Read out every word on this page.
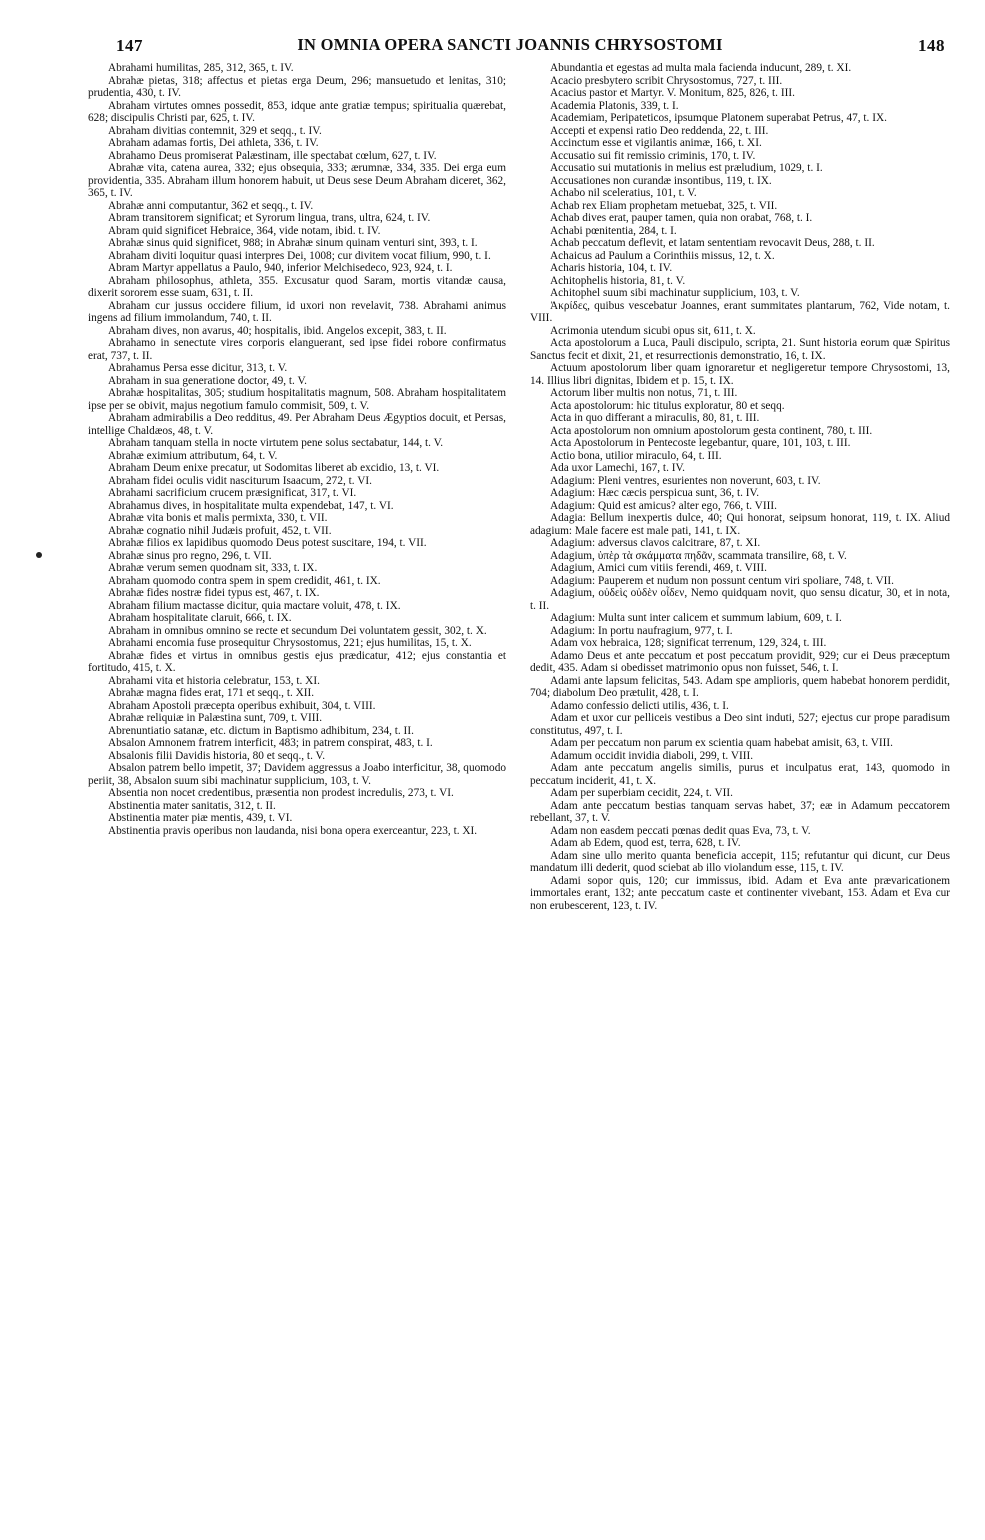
147	IN OMNIA OPERA SANCTI JOANNIS CHRYSOSTOMI	148

Abrahami humilitas, 285, 312, 365, t. IV.

Abrahæ pietas, 318; affectus et pietas erga Deum, 296; mansuetudo et lenitas, 310; prudentia, 430, t. IV.

Abraham virtutes omnes possedit, 853, idque ante gratiæ tempus; spiritualia quærebat, 628; discipulis Christi par, 625, t. IV.

Abraham divitias contemnit, 329 et seqq., t. IV.

Abraham adamas fortis, Dei athleta, 336, t. IV.

Abrahamo Deus promiserat Palæstinam, ille spectabat cœlum, 627, t. IV.

Abrahæ vita, catena aurea, 332; ejus obsequia, 333; ærumnæ, 334, 335. Dei erga eum providentia, 335. Abraham illum honorem habuit, ut Deus sese Deum Abraham diceret, 362, 365, t. IV.

Abrahæ anni computantur, 362 et seqq., t. IV.

Abram transitorem significat; et Syrorum lingua, trans, ultra, 624, t. IV.

Abram quid significet Hebraice, 364, vide notam, ibid. t. IV.

Abrahæ sinus quid significet, 988; in Abrahæ sinum quinam venturi sint, 393, t. I.

Abraham diviti loquitur quasi interpres Dei, 1008; cur divitem vocat filium, 990, t. I.

Abram Martyr appellatus a Paulo, 940, inferior Melchisedeco, 923, 924, t. I.

Abraham philosophus, athleta, 355. Excusatur quod Saram, mortis vitandæ causa, dixerit sororem esse suam, 631, t. II.

Abraham cur jussus occidere filium, id uxori non revelavit, 738. Abrahami animus ingens ad filium immolandum, 740, t. II.

Abraham dives, non avarus, 40; hospitalis, ibid. Angelos excepit, 383, t. II.

Abrahamo in senectute vires corporis elanguerant, sed ipse fidei robore confirmatus erat, 737, t. II.

Abrahamus Persa esse dicitur, 313, t. V.

Abraham in sua generatione doctor, 49, t. V.

Abrahæ hospitalitas, 305; studium hospitalitatis magnum, 508. Abraham hospitalitatem ipse per se obivit, majus negotium famulo commisit, 509, t. V.

Abraham admirabilis a Deo redditus, 49. Per Abraham Deus Ægyptios docuit, et Persas, intellige Chaldæos, 48, t. V.

Abraham tanquam stella in nocte virtutem pene solus sectabatur, 144, t. V.

Abrahæ eximium attributum, 64, t. V.

Abraham Deum enixe precatur, ut Sodomitas liberet ab excidio, 13, t. VI.

Abraham fidei oculis vidit nasciturum Isaacum, 272, t. VI.

Abrahami sacrificium crucem præsignificat, 317, t. VI.

Abrahamus dives, in hospitalitate multa expendebat, 147, t. VI.

Abrahæ vita bonis et malis permixta, 330, t. VII.

Abrahæ cognatio nihil Judæis profuit, 452, t. VII.

Abrahæ filios ex lapidibus quomodo Deus potest suscitare, 194, t. VII.

Abrahæ sinus pro regno, 296, t. VII.

Abrahæ verum semen quodnam sit, 333, t. IX.

Abraham quomodo contra spem in spem credidit, 461, t. IX.

Abrahæ fides nostræ fidei typus est, 467, t. IX.

Abraham filium mactasse dicitur, quia mactare voluit, 478, t. IX.

Abraham hospitalitate claruit, 666, t. IX.

Abraham in omnibus omnino se recte et secundum Dei voluntatem gessit, 302, t. X.

Abrahami encomia fuse prosequitur Chrysostomus, 221; ejus humilitas, 15, t. X.

Abrahæ fides et virtus in omnibus gestis ejus prædicatur, 412; ejus constantia et fortitudo, 415, t. X.

Abrahami vita et historia celebratur, 153, t. XI.

Abrahæ magna fides erat, 171 et seqq., t. XII.

Abraham Apostoli præcepta operibus exhibuit, 304, t. VIII.

Abrahæ reliquiæ in Palæstina sunt, 709, t. VIII.

Abrenuntiatio satanæ, etc. dictum in Baptismo adhibitum, 234, t. II.

Absalon Amnonem fratrem interficit, 483; in patrem conspirat, 483, t. I.

Absalonis filii Davidis historia, 80 et seqq., t. V.

Absalon patrem bello impetit, 37; Davidem aggressus a Joabo interficitur, 38, quomodo periit, 38, Absalon suum sibi machinatur supplicium, 103, t. V.

Absentia non nocet credentibus, præsentia non prodest incredulis, 273, t. VI.

Abstinentia mater sanitatis, 312, t. II.

Abstinentia mater piæ mentis, 439, t. VI.

Abstinentia pravis operibus non laudanda, nisi bona opera exerceantur, 223, t. XI.

Abundantia et egestas ad multa mala facienda inducunt, 289, t. XI.

Acacio presbytero scribit Chrysostomus, 727, t. III.

Acacius pastor et Martyr. V. Monitum, 825, 826, t. III.

Academia Platonis, 339, t. I.

Academiam, Peripateticos, ipsumque Platonem superabat Petrus, 47, t. IX.

Accepti et expensi ratio Deo reddenda, 22, t. III.

Accinctum esse et vigilantis animæ, 166, t. XI.

Accusatio sui fit remissio criminis, 170, t. IV.

Accusatio sui mutationis in melius est præludium, 1029, t. I.

Accusationes non curandæ insontibus, 119, t. IX.

Achabo nil sceleratius, 101, t. V.

Achab rex Eliam prophetam metuebat, 325, t. VII.

Achab dives erat, pauper tamen, quia non orabat, 768, t. I.

Achabi pœnitentia, 284, t. I.

Achab peccatum deflevit, et latam sententiam revocavit Deus, 288, t. II.

Achaicus ad Paulum a Corinthiis missus, 12, t. X.

Acharis historia, 104, t. IV.

Achitophelis historia, 81, t. V.

Achitophel suum sibi machinatur supplicium, 103, t. V.

Ἀκρίδες, quibus vescebatur Joannes, erant summitates plantarum, 762, Vide notam, t. VIII.

Acrimonia utendum sicubi opus sit, 611, t. X.

Acta apostolorum a Luca, Pauli discipulo, scripta, 21. Sunt historia eorum quæ Spiritus Sanctus fecit et dixit, 21, et resurrectionis demonstratio, 16, t. IX.

Actuum apostolorum liber quam ignoraretur et negligeretur tempore Chrysostomi, 13, 14. Illius libri dignitas, Ibidem et p. 15, t. IX.

Actorum liber multis non notus, 71, t. III.

Acta apostolorum: hic titulus exploratur, 80 et seqq.

Acta in quo differant a miraculis, 80, 81, t. III.

Acta apostolorum non omnium apostolorum gesta continent, 780, t. III.

Acta Apostolorum in Pentecoste legebantur, quare, 101, 103, t. III.

Actio bona, utilior miraculo, 64, t. III.

Ada uxor Lamechi, 167, t. IV.

Adagium: Pleni ventres, esurientes non noverunt, 603, t. IV.

Adagium: Hæc cæcis perspicua sunt, 36, t. IV.

Adagium: Quid est amicus? alter ego, 766, t. VIII.

Adagia: Bellum inexpertis dulce, 40; Qui honorat, seipsum honorat, 119, t. IX. Aliud adagium: Male facere est male pati, 141, t. IX.

Adagium: adversus clavos calcitrare, 87, t. XI.

Adagium, ὑπὲρ τὰ σκάμματα πηδᾶν, scammata transilire, 68, t. V.

Adagium, Amici cum vitiis ferendi, 469, t. VIII.

Adagium: Pauperem et nudum non possunt centum viri spoliare, 748, t. VII.

Adagium, οὐδεὶς οὐδὲν οἶδεν, Nemo quidquam novit, quo sensu dicatur, 30, et in nota, t. II.

Adagium: Multa sunt inter calicem et summum labium, 609, t. I.

Adagium: In portu naufragium, 977, t. I.

Adam vox hebraica, 128; significat terrenum, 129, 324, t. III.

Adamo Deus et ante peccatum et post peccatum providit, 929; cur ei Deus præceptum dedit, 435. Adam si obedisset matrimonio opus non fuisset, 546, t. I.

Adami ante lapsum felicitas, 543. Adam spe amplioris, quem habebat honorem perdidit, 704; diabolum Deo prætulit, 428, t. I.

Adamo confessio delicti utilis, 436, t. I.

Adam et uxor cur pelliceis vestibus a Deo sint induti, 527; ejectus cur prope paradisum constitutus, 497, t. I.

Adam per peccatum non parum ex scientia quam habebat amisit, 63, t. VIII.

Adamum occidit invidia diaboli, 299, t. VIII.

Adam ante peccatum angelis similis, purus et inculpatus erat, 143, quomodo in peccatum inciderit, 41, t. X.

Adam per superbiam cecidit, 224, t. VII.

Adam ante peccatum bestias tanquam servas habet, 37; eæ in Adamum peccatorem rebellant, 37, t. V.

Adam non easdem peccati pœnas dedit quas Eva, 73, t. V.

Adam ab Edem, quod est, terra, 628, t. IV.

Adam sine ullo merito quanta beneficia accepit, 115; refutantur qui dicunt, cur Deus mandatum illi dederit, quod sciebat ab illo violandum esse, 115, t. IV.

Adami sopor quis, 120; cur immissus, ibid. Adam et Eva ante prævaricationem immortales erant, 132; ante peccatum caste et continenter vivebant, 153. Adam et Eva cur non erubescerent, 123, t. IV.
